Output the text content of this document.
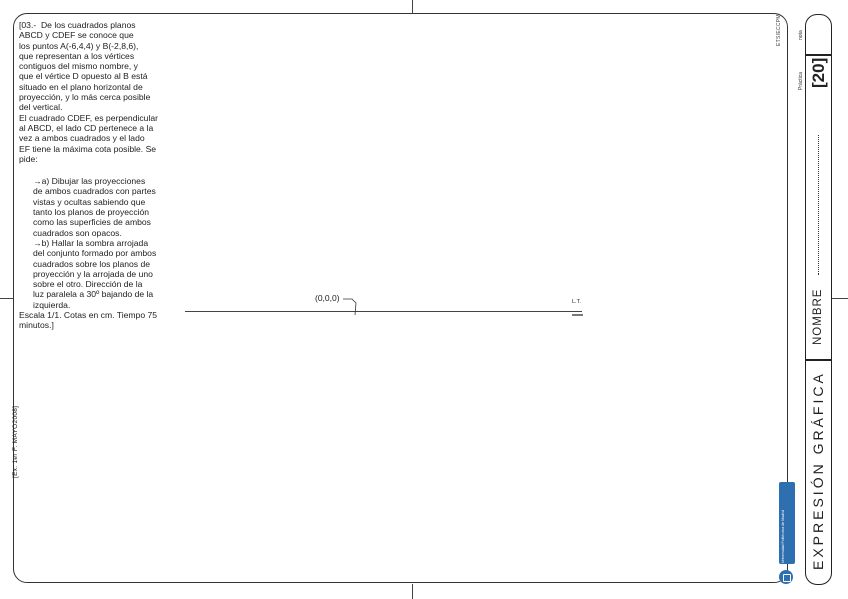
[03.-  De los cuadrados planos

ABCD y CDEF se conoce que

los puntos A(-6,4,4) y B(-2,8,6),

que representan a los vértices

contiguos del mismo nombre, y

que el vértice D opuesto al B está

situado en el plano horizontal de

proyección, y lo más cerca posible

del vertical.

El cuadrado CDEF, es perpendicular

al ABCD, el lado CD pertenece a la

vez a ambos cuadrados y el lado

EF tiene la máxima cota posible. Se

pide:

→a) Dibujar las proyecciones

de ambos cuadrados con partes

vistas y ocultas sabiendo que

tanto los planos de proyección

como las superficies de ambos

cuadrados son opacos.

→b) Hallar la sombra arrojada

del conjunto formado por ambos

cuadrados sobre los planos de

proyección y la arrojada de uno

sobre el otro. Dirección de la

luz paralela a 30º bajando de la

izquierda.

Escala 1/1. Cotas en cm. Tiempo 75

minutos.]

[Ex. 1er F. MAYO2008]
(0,0,0)	L.T.
EXPRESIÓN GRÁFICA
NOMBRE
[20]
Práctica
nota
ETSIECCPM
Universidad Politécnica de Madrid
